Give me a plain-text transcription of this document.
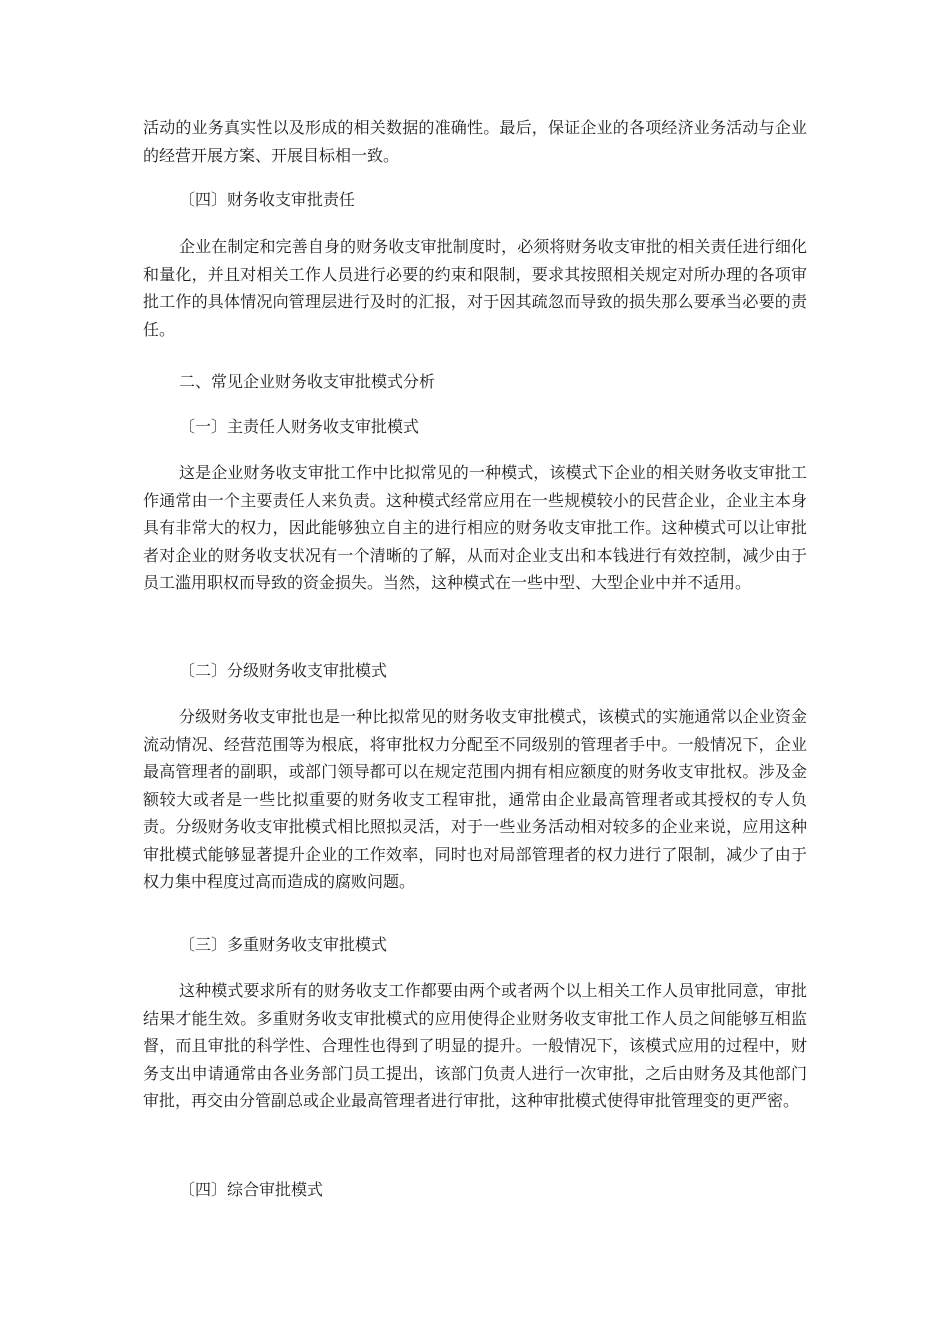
活动的业务真实性以及形成的相关数据的准确性。最后，保证企业的各项经济业务活动与企业的经营开展方案、开展目标相一致。

〔四〕财务收支审批责任

企业在制定和完善自身的财务收支审批制度时，必须将财务收支审批的相关责任进行细化和量化，并且对相关工作人员进行必要的约束和限制，要求其按照相关规定对所办理的各项审批工作的具体情况向管理层进行及时的汇报，对于因其疏忽而导致的损失那么要承当必要的责任。

二、常见企业财务收支审批模式分析

〔一〕主责任人财务收支审批模式

这是企业财务收支审批工作中比拟常见的一种模式，该模式下企业的相关财务收支审批工作通常由一个主要责任人来负责。这种模式经常应用在一些规模较小的民营企业，企业主本身具有非常大的权力，因此能够独立自主的进行相应的财务收支审批工作。这种模式可以让审批者对企业的财务收支状况有一个清晰的了解，从而对企业支出和本钱进行有效控制，减少由于员工滥用职权而导致的资金损失。当然，这种模式在一些中型、大型企业中并不适用。

〔二〕分级财务收支审批模式

分级财务收支审批也是一种比拟常见的财务收支审批模式，该模式的实施通常以企业资金流动情况、经营范围等为根底，将审批权力分配至不同级别的管理者手中。一般情况下，企业最高管理者的副职，或部门领导都可以在规定范围内拥有相应额度的财务收支审批权。涉及金额较大或者是一些比拟重要的财务收支工程审批，通常由企业最高管理者或其授权的专人负责。分级财务收支审批模式相比照拟灵活，对于一些业务活动相对较多的企业来说，应用这种审批模式能够显著提升企业的工作效率，同时也对局部管理者的权力进行了限制，减少了由于权力集中程度过高而造成的腐败问题。

〔三〕多重财务收支审批模式

这种模式要求所有的财务收支工作都要由两个或者两个以上相关工作人员审批同意，审批结果才能生效。多重财务收支审批模式的应用使得企业财务收支审批工作人员之间能够互相监督，而且审批的科学性、合理性也得到了明显的提升。一般情况下，该模式应用的过程中，财务支出申请通常由各业务部门员工提出，该部门负责人进行一次审批，之后由财务及其他部门审批，再交由分管副总或企业最高管理者进行审批，这种审批模式使得审批管理变的更严密。

〔四〕综合审批模式
